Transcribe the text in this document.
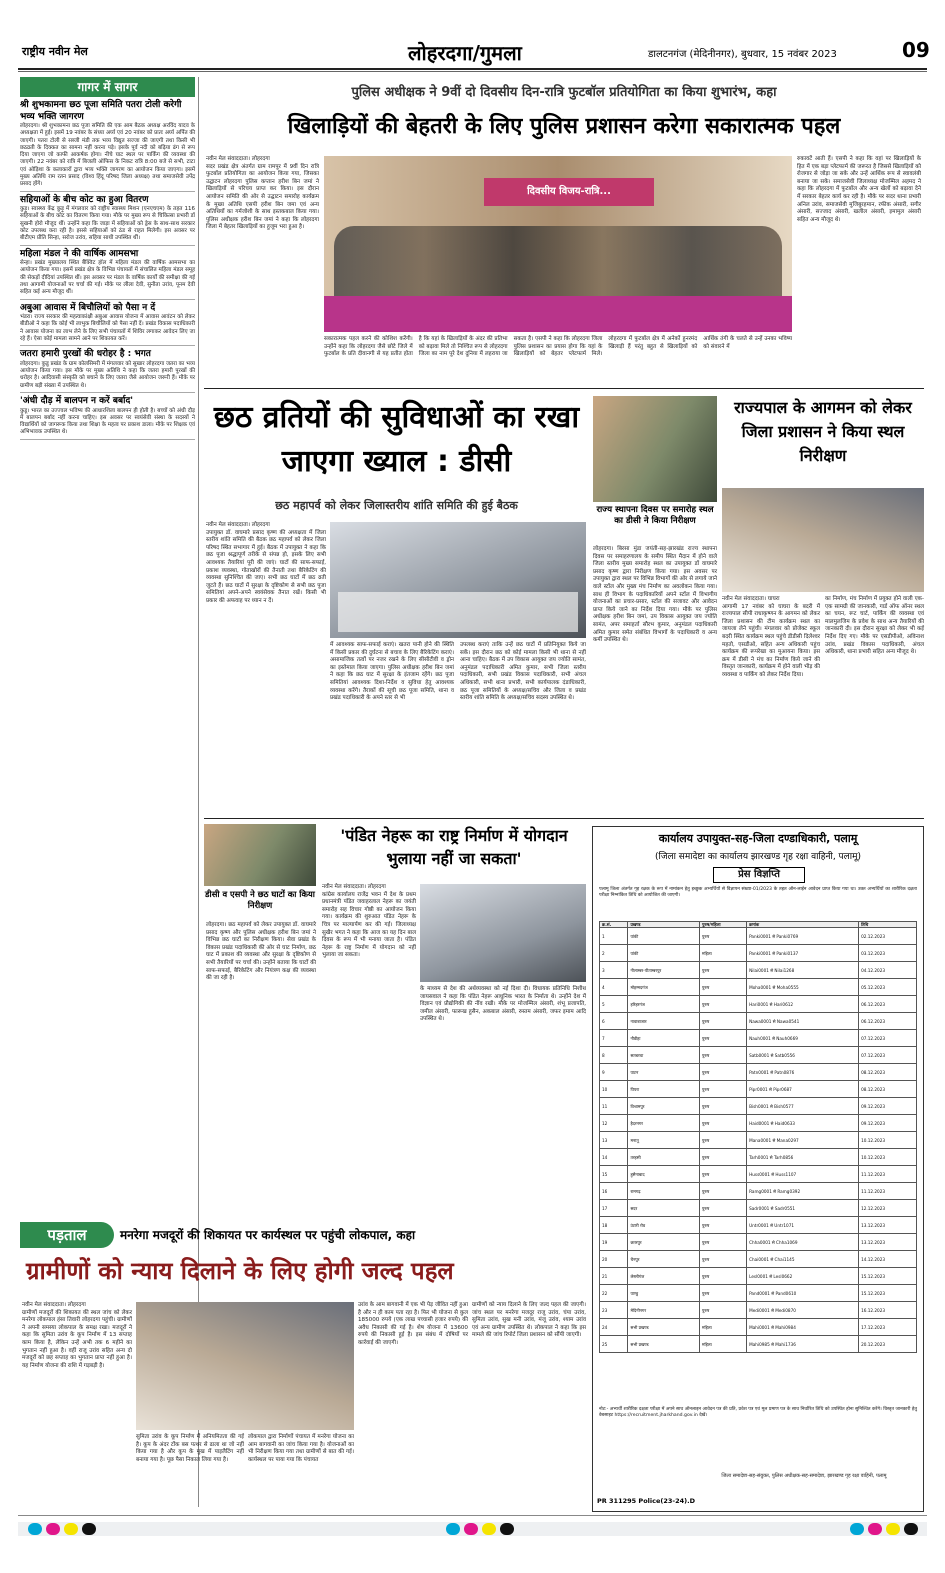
राष्ट्रीय नवीन मेल	लोहरदगा/गुमला	डालटनगंज (मेदिनीनगर), बुधवार, 15 नवंबर 2023	09
गागर में सागर
श्री शुभकामना छठ पूजा समिति पतरा टोली करेगी भव्य भक्ति जागरण
लोहरदगा। श्री शुभकामना छठ पूजा समिति की एक आम बैठक अध्यक्ष अरविंद यादव के अध्यक्षता में हुई। इसमें 19 नवंबर के संध्या अर्घ्य एवं 20 नवंबर को प्रातः अर्घ्य अर्पित की जाएगी। पतरा टोली से सब्जी मंडी तक भव्य विद्युत सज्जा की जाएगी तथा किसी भी छठव्रती के दिक्कत का सामना नहीं करना पड़े। इसके पूर्व नदी को बढ़िया ढंग से रूप दिया जाएगा जो काफी आकर्षक होगा। नीचे घाट स्थल पर पार्किंग की व्यवस्था की जाएगी। 22 नवंबर को रात्रि में बिजली ऑफिस के निकट रात्रि 8:00 बजे से सभी, टाटा एवं ओड़िशा के कलाकारों द्वारा भव्य भक्ति जागरण का आयोजन किया जाएगा। इसमें मुख्य अतिथि राम रतन प्रसाद (विश्व हिंदू परिषद जिला अध्यक्ष) तथा समाजसेवी उपेंद्र प्रसाद होंगे।
सहियाओं के बीच कोट का हुआ वितरण
कुड़ु। स्वास्थ्य केंद्र कुड़ु में मंगलवार को राष्ट्रीय स्वास्थ्य मिशन (एनएचएम) के तहत 116 सहियाओं के बीच कोट का वितरण किया गया। मौके पर मुख्य रूप से चिकित्सा प्रभारी डॉ सुखनी होरो मौजूद थीं। उन्होंने कहा कि जाड़ा में सहियाओं को ड्रेस के साथ-साथ सरकार कोट उपलब्ध करा रही है। इससे सहियाओं को ठंड से राहत मिलेगी। इस अवसर पर बीटीएम प्रीति सिन्हा, सरोज उरांव, सहिया साथी उपस्थित थीं।
महिला मंडल ने की वार्षिक आमसभा
सेन्हा। प्रखंड मुख्यालय स्थित बैंक्विट हॉल में महिला मंडल की वार्षिक आमसभा का आयोजन किया गया। इसमें प्रखंड क्षेत्र के विभिन्न पंचायतों में संचालित महिला मंडल समूह की सेकड़ों दीदियां उपस्थित थीं। इस अवसर पर मंडल के वार्षिक कार्यों की समीक्षा की गई तथा आगामी योजनाओं पर चर्चा की गई। मौके पर लीला देवी, सुनीता उरांव, पूनम देवी सहित कई अन्य मौजूद थीं।
अबुआ आवास में बिचौलियों को पैसा न दें
भंडरा। राज्य सरकार की महत्वाकांक्षी अबुआ आवास योजना में आवास आवंटन को लेकर बीडीओ ने कहा कि कोई भी लाभुक बिचौलियों को पैसा नहीं दें। प्रखंड विकास पदाधिकारी ने आवास योजना का लाभ लेने के लिए सभी पंचायतों में शिविर लगाकर आवेदन लिए जा रहे हैं। ऐसा कोई मामला सामने आने पर शिकायत करें।
जतरा हमारी पुरखों की धरोहर है : भगत
लोहरदगा। कुडू प्रखंड के ग्राम कोलसिमरी में मंगलवार को सुखार लोहरदगा जतरा का भव्य आयोजन किया गया। इस मौके पर मुख्य अतिथि ने कहा कि जतरा हमारी पुरखों की धरोहर है। आदिवासी संस्कृति को बचाने के लिए जतरा जैसे आयोजन जरूरी हैं। मौके पर ग्रामीण बड़ी संख्या में उपस्थित थे।
'अंधी दौड़ में बालपन न करें बर्बाद'
कुडू। भारत का उज्ज्वल भविष्य की आधारशिला बालपन ही होती है। बच्चों को अंधी दौड़ में बालपन बर्बाद नहीं करना चाहिए। इस अवसर पर स्वयंसेवी संस्था के सदस्यों ने विद्यार्थियों को जागरूक किया तथा शिक्षा के महत्व पर प्रकाश डाला। मौके पर शिक्षक एवं अभिभावक उपस्थित थे।
पुलिस अधीक्षक ने 9वीं दो दिवसीय दिन-रात्रि फुटबॉल प्रतियोगिता का किया शुभारंभ, कहा
खिलाड़ियों की बेहतरी के लिए पुलिस प्रशासन करेगा सकारात्मक पहल
नवीन मेल संवाददाता। लोहरदगा
सदर प्रखंड क्षेत्र अंतर्गत ग्राम रामपुर में 9वीं दिन रात्रि फुटबॉल प्रतियोगिता का आयोजन किया गया, जिसका उद्घाटन लोहरदगा पुलिस कप्तान हरीश बिन जमां ने खिलाड़ियों से परिचय प्राप्त कर किया। इस दौरान आयोजन समिति की ओर से उद्घाटन समारोह कार्यक्रम के मुख्य अतिथि एसपी हरीश बिन जमा एवं अन्य अतिथियों का गर्मजोशी के साथ इस्तकबाल किया गया। पुलिस अधीक्षक हरीश बिन जमां ने कहा कि लोहरदगा जिला में बेहतर खिलाड़ियों का हुजूम भरा हुआ है।
दिवसीय विजय-रात्रि...
सकारात्मक पहल करने की कोशिश करेंगी। उन्होंने कहा कि लोहरदगा जैसे छोटे जिले में फुटबॉल के प्रति दीवानगी से यह प्रतीत होता है कि यहां के खिलाड़ियों के अंदर की प्रतिभा को बढ़ावा मिले तो निश्चित रूप से लोहरदगा जिला का नाम पूरे देश दुनिया में लहराया जा सकता है। एसपी ने कहा कि लोहरदगा जिला पुलिस प्रशासन का प्रयास होगा कि यहां के खिलाड़ियों को बेहतर प्लेटफार्म मिले। लोहरदगा में फुटबॉल क्षेत्र में अनेकों हुनरमंद खिलाड़ी हैं परंतु बहुत से खिलाड़ियों को आर्थिक तंगी के चलते से उन्हें उनका भविष्य को संवारने में
रुकावटें आती हैं। एसपी ने कहा कि वहां पर खिलाड़ियों के हित में एक बड़ा प्लेटफार्म की जरूरत है जिससे खिलाड़ियों को रोजगार से जोड़ा जा सके और उन्हें आर्थिक रूप से स्वावलंबी बनाया जा सके। समाजसेवी जिलाध्यक्ष मोजम्मिल अहमद ने कहा कि लोहरदगा में फुटबॉल और अन्य खेलों को बढ़ावा देने में सरकार बेहतर कार्य कर रही है। मौके पर सदर थाना प्रभारी अनिल उरांव, समाजसेवी मुजिबुरहमान, रफीक अंसारी, सगीर अंसारी, सज्जाद अंसारी, खलील अंसारी, इमामुल अंसारी सहित अन्य मौजूद थे।
छठ व्रतियों की सुविधाओं का रखा जाएगा ख्याल : डीसी
छठ महापर्व को लेकर जिलास्तरीय शांति समिति की हुई बैठक
नवीन मेल संवाददाता। लोहरदगा
उपायुक्त डॉ. वाघमारे प्रसाद कृष्ण की अध्यक्षता में जिला स्तरीय शांति समिति की बैठक छठ महापर्व को लेकर जिला परिषद स्थित सभागार में हुई। बैठक में उपायुक्त ने कहा कि छठ पूजा श्रद्धापूर्ण तरीके से संपन्न हो, इसके लिए सभी आवश्यक तैयारियां पूरी की जाएं। घाटों की साफ-सफाई, प्रकाश व्यवस्था, गोताखोरों की तैनाती तथा बैरिकेटिंग की व्यवस्था सुनिश्चित की जाए। सभी छठ घाटों में छठ व्रती जुटते हैं। छठ घाटों में सुरक्षा के दृष्टिकोण से सभी छठ पूजा समितियां अपने-अपने स्वयंसेवक तैनात रखें। किसी भी प्रकार की अफवाह पर ध्यान न दें।
में आवश्यक साफ-सफाई कराएं। खतरा पानी होने की स्थिति में किसी प्रकार की दुर्घटना से बचाव के लिए बैरिकेटिंग कराएं। असामाजिक तत्वों पर नजर रखने के लिए सीसीटीवी व ड्रोन का इस्तेमाल किया जाएगा। पुलिस अधीक्षक हरीश बिन जमां ने कहा कि छठ घाट में सुरक्षा के इंतजाम रहेंगे। छठ पूजा समितियां आवश्यक दिशा-निर्देश व सुविधा हेतु आवश्यक व्यवस्था करेंगे। तैराकों की सूची छठ पूजा समिति, थाना व प्रखंड पदाधिकारी के अपने स्तर से भी
उपलब्ध कराएं ताकि उन्हें छठ घाटों में प्रतिनियुक्त किये जा सकें। इस दौरान छठ को कोई मामला किसी भी थाना से नहीं आना चाहिए। बैठक में उप विकास आयुक्त जय ज्योति सामंत, अनुमंडल पदाधिकारी अमित कुमार, सभी जिला स्तरीय पदाधिकारी, सभी प्रखंड विकास पदाधिकारी, सभी अंचल अधिकारी, सभी थाना प्रभारी, सभी कार्यपालक दंडाधिकारी, छठ पूजा समितियों के अध्यक्ष/सचिव और जिला व प्रखंड स्तरीय शांति समिति के अध्यक्ष/सचिव सदस्य उपस्थित थे।
राज्य स्थापना दिवस पर समारोह स्थल का डीसी ने किया निरीक्षण
लोहरदगा। बिरसा मुंडा जयंती-सह-झारखंड राज्य स्थापना दिवस पर समाहरणालय के समीप स्थित मैदान में होने वाले जिला स्तरीय मुख्य समारोह स्थल का उपायुक्त डॉ वाघमारे प्रसाद कृष्ण द्वारा निरीक्षण किया गया। इस अवसर पर उपायुक्त द्वारा स्थल पर विभिन्न विभागों की ओर से लगाये जाने वाले स्टॉल और मुख्य मंच निर्माण का अवलोकन किया गया। साथ ही विभाग के पदाधिकारियों अपने स्टॉल में विभागीय योजनाओं का प्रचार-प्रसार, स्टॉल की सजावट और आवेदन प्राप्त किये जाने का निर्देश दिया गया। मौके पर पुलिस अधीक्षक हरीश बिन जमां, उप विकास आयुक्त जय ज्योति सामंत, अपर समाहर्ता सौरभ कुमार, अनुमंडल पदाधिकारी अमित कुमार समेत संबंधित विभागों के पदाधिकारी व अन्य कर्मी उपस्थित थे।
राज्यपाल के आगमन को लेकर जिला प्रशासन ने किया स्थल निरीक्षण
नवीन मेल संवाददाता। घाघरा
आगामी 17 नवंबर को घाघरा के बदरी में राज्यपाल सीपी राधाकृष्णन के आगमन को लेकर जिला प्रशासन की टीम कार्यक्रम स्थल का जायजा लेने पहुंची। मंगलवार को प्रोजेक्ट स्कूल बदरी स्थित कार्यक्रम स्थल पहुंचे डीडीसी दिलेश्वर महतो, एसडीओ, सहित अन्य अधिकारी पहुंच कार्यक्रम की रूपरेखा का मुआयना किया। इस क्रम में डीसी ने मंच का निर्माण किये जाने की विस्तृत जानकारी, कार्यक्रम में होने वाली भीड़ की व्यवस्था व पार्किंग को लेकर निर्देश दिया।
का निर्माण, मंच निर्माण में प्रयुक्त होने वाली एक-एक सामग्री की जानकारी, गार्ड ऑफ ऑनर स्थल का चयन, रूट चार्ट, पार्किंग की व्यवस्था एवं मालमुलजिम के प्रवेश के साथ अन्य तैयारियों की जानकारी दी। इस दौरान सुरक्षा को लेकर भी कई निर्देश दिए गए। मौके पर एसडीपीओ, अविनाश उरांव, प्रखंड विकास पदाधिकारी, अंचल अधिकारी, थाना प्रभारी सहित अन्य मौजूद थे।
डीसी व एसपी ने छठ घाटों का किया निरीक्षण
लोहरदगा। छठ महापर्व को लेकर उपायुक्त डॉ. वाघमारे प्रसाद कृष्ण और पुलिस अधीक्षक हरीश बिन जमां ने विभिन्न छठ घाटों का निरीक्षण किया। सेवा प्रखंड के विकास प्रखंड पदाधिकारी की ओर से घाट निर्माण, छठ घाट में प्रकाश की व्यवस्था और सुरक्षा के दृष्टिकोण से सभी तैयारियों पर चर्चा की। उन्होंने बताया कि घाटों की साफ-सफाई, बैरिकेटिंग और नियंत्रण कक्ष की व्यवस्था की जा रही है।
'पंडित नेहरू का राष्ट्र निर्माण में योगदान भुलाया नहीं जा सकता'
नवीन मेल संवाददाता। लोहरदगा
कांग्रेस कार्यालय राजेंद्र भवन में देश के प्रथम प्रधानमंत्री पंडित जवाहरलाल नेहरू का जयंती समारोह सह विचार गोष्ठी का आयोजन किया गया। कार्यक्रम की शुरुआत पंडित नेहरू के चित्र पर माल्यार्पण कर की गई। जिलाध्यक्ष सुखैर भगत ने कहा कि आज का यह दिन बाल दिवस के रूप में भी मनाया जाता है। पंडित नेहरू के राष्ट्र निर्माण में योगदान को नहीं भुलाया जा सकता।
के माध्यम से देश की अर्थव्यवस्था को नई दिशा दी। विधायक प्रतिनिधि निशीथ जायसवाल ने कहा कि पंडित नेहरू आधुनिक भारत के निर्माता थे। उन्होंने देश में विज्ञान एवं प्रौद्योगिकी की नींव रखी। मौके पर मोजम्मिल अंसारी, शंभू प्रजापति, जमील अंसारी, फारूख हुसैन, अकबाल अंसारी, रुस्तम अंसारी, जफर इमाम आदि उपस्थित थे।
कार्यालय उपायुक्त-सह-जिला दण्डाधिकारी, पलामू
(जिला समादेष्टा का कार्यालय झारखण्ड गृह रक्षा वाहिनी, पलामू)
प्रेस विज्ञप्ति
पलामू जिला अंतर्गत गृह रक्षक के रूप में नामांकन हेतु इच्छुक अभ्यर्थियों से विज्ञापन संख्या-01/2023 के तहत ऑन-लाईन आवेदन प्राप्त किया गया था। उक्त अभ्यर्थियों का शारीरिक दक्षता परीक्षा निम्नांकित तिथि को आयोजित की जाएगी।
क्र.सं.	प्रखण्ड	पुरुष/महिला	क्रमांक	तिथि
1	पांकी	पुरुष	Panki0001 से Panki0769	02.12.2023
2	पांकी	महिला	Panki0001 से Panki0137	03.12.2023
3	नीलाम्बर-पीताम्बरपुर	पुरुष	Nilai0001 से Nilai1268	04.12.2023
4	मोहम्मदगंज	पुरुष	Moha0001 से Moha0555	05.12.2023
5	हरिहरगंज	पुरुष	Hari0001 से Hari0612	06.12.2023
6	नावाबाजार	पुरुष	Nawa0001 से Nawa0541	06.12.2023
7	नौडीहा	पुरुष	Nauh0001 से Nauh0669	07.12.2023
8	सतबरवा	पुरुष	Satb0001 से Satb0556	07.12.2023
9	पाटन	पुरुष	Patn0001 से Patn0876	08.12.2023
10	पिपरा	पुरुष	Pipr0001 से Pipr0687	08.12.2023
11	विश्रामपुर	पुरुष	Bish0001 से Bish0577	09.12.2023
12	हैदरनगर	पुरुष	Haid0001 से Haid0633	09.12.2023
13	मनातू	पुरुष	Mana0001 से Mana0297	10.12.2023
14	तरहसी	पुरुष	Tarh0001 से Tarh0856	10.12.2023
15	हुसैनाबाद	पुरुष	Huss0001 से Huss1107	11.12.2023
16	रामगढ़	पुरुष	Ramg0001 से Ramg0392	11.12.2023
17	सदर	पुरुष	Sadr0001 से Sadr0551	12.12.2023
18	उंटारी रोड	पुरुष	Untr0001 से Untr1071	13.12.2023
19	छतरपुर	पुरुष	Chha0001 से Chha1069	13.12.2023
20	चैनपुर	पुरुष	Chai0001 से Chai1145	14.12.2023
21	लेस्लीगंज	पुरुष	Lesl0001 से Lesl0662	15.12.2023
22	पाण्डु	पुरुष	Pand0001 से Pand0610	15.12.2023
23	मेदिनीनगर	पुरुष	Medi0001 से Medi0870	16.12.2023
24	सभी प्रखण्ड	महिला	Mahi0001 से Mahi0984	17.12.2023
25	सभी प्रखण्ड	महिला	Mahi0985 से Mahi1736	20.12.2023
नोट:- अभ्यर्थी शारीरिक दक्षता परीक्षा में अपने साथ ऑनलाइन आवेदन पत्र की प्रति, प्रवेश पत्र एवं मूल प्रमाण पत्र के साथ निर्धारित तिथि को उपस्थित होना सुनिश्चित करेंगे। विस्तृत जानकारी हेतु वेबसाइट https://recruitment.jharkhand.gov.in देखें।
जिला समादेष्टा-सह-संयुक्त, पुलिस अधीक्षक-सह-समादेष्टा, झारखण्ड गृह रक्षा वाहिनी, पलामू
PR 311295 Police(23-24).D
पड़ताल	मनरेगा मजदूरों की शिकायत पर कार्यस्थल पर पहुंची लोकपाल, कहा
ग्रामीणों को न्याय दिलाने के लिए होगी जल्द पहल
नवीन मेल संवाददाता। लोहरदगा
ग्रामीणों मजदूरों की शिकायत की स्थल जांच को लेकर मनरेगा लोकपाल हंसा तिवारी लोहरदगा पहुंची। ग्रामीणों ने अपनी समस्या लोकपाल के समक्ष रखा। मजदूरों ने कहा कि सुमिता उरांव के कूप निर्माण में 13 सप्ताह काम किया है, लेकिन उन्हें अभी तक 6 महीने का भुगतान नहीं हुआ है। वहीं राजू उरांव सहित अन्य दो मजदूरों को छह सप्ताह का भुगतान प्राप्त नहीं हुआ है। यह निर्माण योजना की राशि में गड़बड़ी है।
सुमिता उरांव के कूप निर्माण में अनियमितता की गई है। कूप के अंदर टोंक बस पत्थर से ढाला था जो नहीं किया गया है और कूप के मुख में पाइलैटिंग नहीं बनाया गया है। पूछ पैसा निकाल लिया गया है।
लोकपाल द्वारा निर्माणों पंचायत में मनरेगा योजना का आम बागवानी का जांच किया गया है। योजनाओं का भी निरीक्षण किया गया तथा ग्रामीणों से बात की गई। कार्यस्थल पर पाया गया कि पंचायत
उरांव के आम बागवानी में एक भी पेड़ जीवित नहीं हुआ है और न ही काम पता रहा है। फिर भी योजना से कुल 185000 रुपये (एक लाख पच्चासी हजार रुपये) की अवैध निकासी की गई है। शेष योजना में 13600 रुपये की निकासी हुई है। इस संबंध में दोषियों पर कार्रवाई की जाएगी।
ग्रामीणों को न्याय दिलाने के लिए जल्द पहल की जाएगी। जांच स्थल पर मनरेगा मजदूर राजू उरांव, चंपा उरांव, सुमिता उरांव, सुख मनी उरांव, मंजू उरांव, श्याम उरांव एवं अन्य ग्रामीण उपस्थित थे। लोकपाल ने कहा कि इस मामले की जांच रिपोर्ट जिला प्रशासन को सौंपी जाएगी।
